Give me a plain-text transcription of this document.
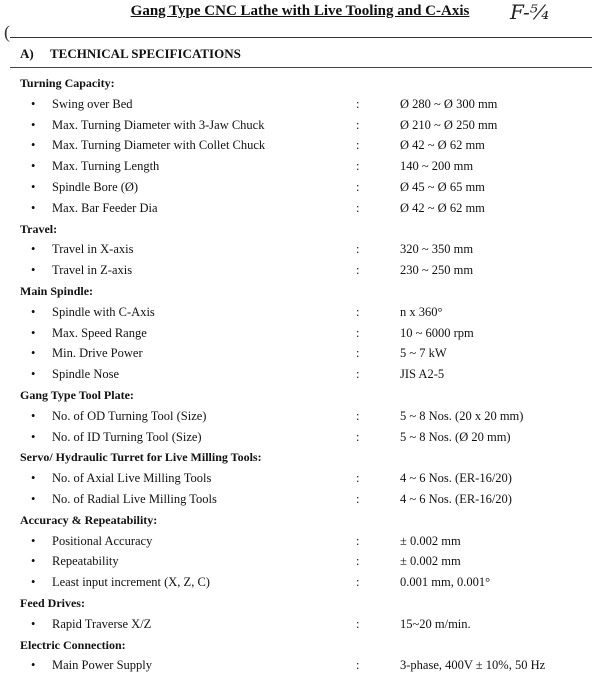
Gang Type CNC Lathe with Live Tooling and C-Axis	F-⁵⁄₄
(
A) TECHNICAL SPECIFICATIONS
Turning Capacity:
• Swing over Bed	:	Ø 280 ~ Ø 300 mm
• Max. Turning Diameter with 3-Jaw Chuck	:	Ø 210 ~ Ø 250 mm
• Max. Turning Diameter with Collet Chuck	:	Ø 42 ~ Ø 62 mm
• Max. Turning Length	:	140 ~ 200 mm
• Spindle Bore (Ø)	:	Ø 45 ~ Ø 65 mm
• Max. Bar Feeder Dia	:	Ø 42 ~ Ø 62 mm
Travel:
• Travel in X-axis	:	320 ~ 350 mm
• Travel in Z-axis	:	230 ~ 250 mm
Main Spindle:
• Spindle with C-Axis	:	n x 360°
• Max. Speed Range	:	10 ~ 6000 rpm
• Min. Drive Power	:	5 ~ 7 kW
• Spindle Nose	:	JIS A2-5
Gang Type Tool Plate:
• No. of OD Turning Tool (Size)	:	5 ~ 8 Nos. (20 x 20 mm)
• No. of ID Turning Tool (Size)	:	5 ~ 8 Nos. (Ø 20 mm)
Servo/ Hydraulic Turret for Live Milling Tools:
• No. of Axial Live Milling Tools	:	4 ~ 6 Nos. (ER-16/20)
• No. of Radial Live Milling Tools	:	4 ~ 6 Nos. (ER-16/20)
Accuracy & Repeatability:
• Positional Accuracy	:	± 0.002 mm
• Repeatability	:	± 0.002 mm
• Least input increment (X, Z, C)	:	0.001 mm, 0.001°
Feed Drives:
• Rapid Traverse X/Z	:	15~20 m/min.
Electric Connection:
• Main Power Supply	:	3-phase, 400V ± 10%, 50 Hz
